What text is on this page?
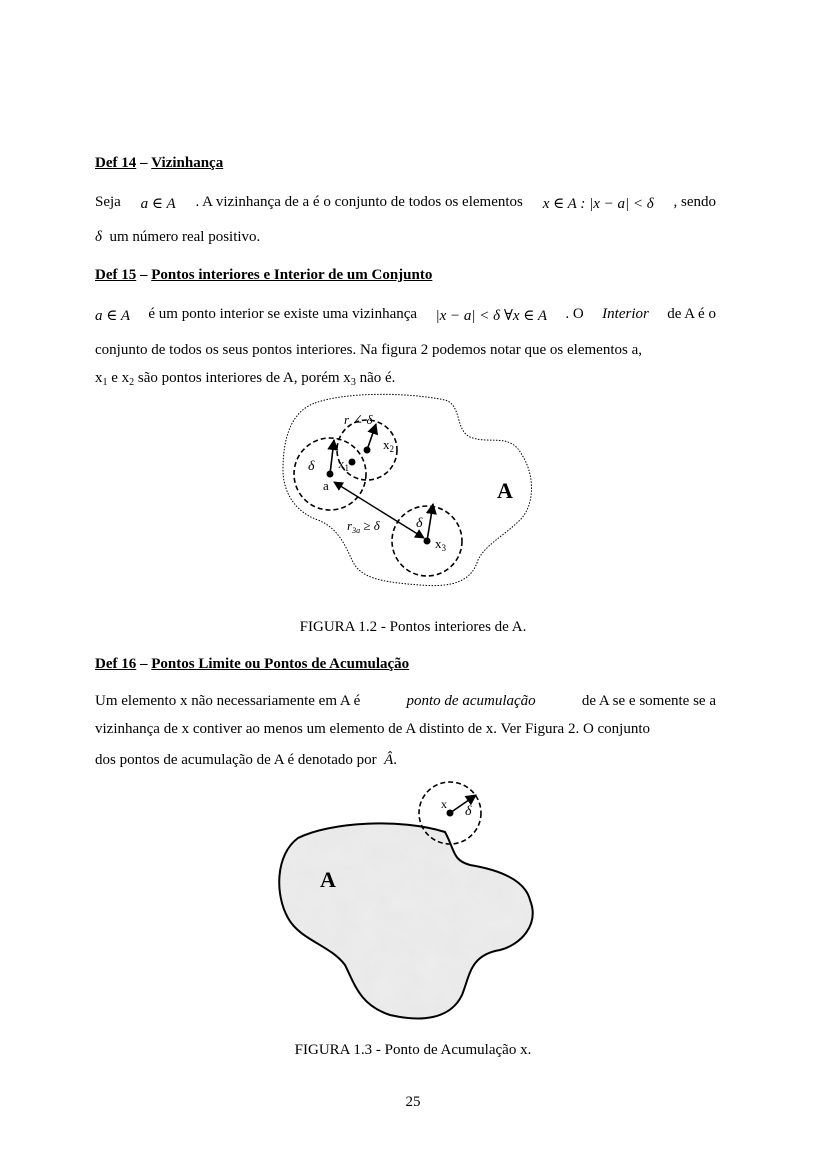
Def 14 – Vizinhança
Seja a ∈ A . A vizinhança de a é o conjunto de todos os elementos x ∈ A : |x − a| < δ , sendo
δ um número real positivo.
Def 15 – Pontos interiores e Interior de um Conjunto
a ∈ A é um ponto interior se existe uma vizinhança |x − a| < δ ∀x ∈ A . O Interior de A é o
conjunto de todos os seus pontos interiores. Na figura 2 podemos notar que os elementos a,
$x_1$ e $x_2$ são pontos interiores de A, porém $x_3$ não é.
A
a
$x_1$
$x_2$
$x_3$
δ
δ
r ∠ δ
$r_{3a} \ge \delta$
A
x δ
FIGURA 1.2 - Pontos interiores de A.
Def 16 – Pontos Limite ou Pontos de Acumulação
Um elemento x não necessariamente em A é	ponto de acumulação	de A se e somente se a
vizinhança de x contiver ao menos um elemento de A distinto de x. Ver Figura 2. O conjunto
dos pontos de acumulação de A é denotado por Â.
FIGURA 1.3 - Ponto de Acumulação x.
25
